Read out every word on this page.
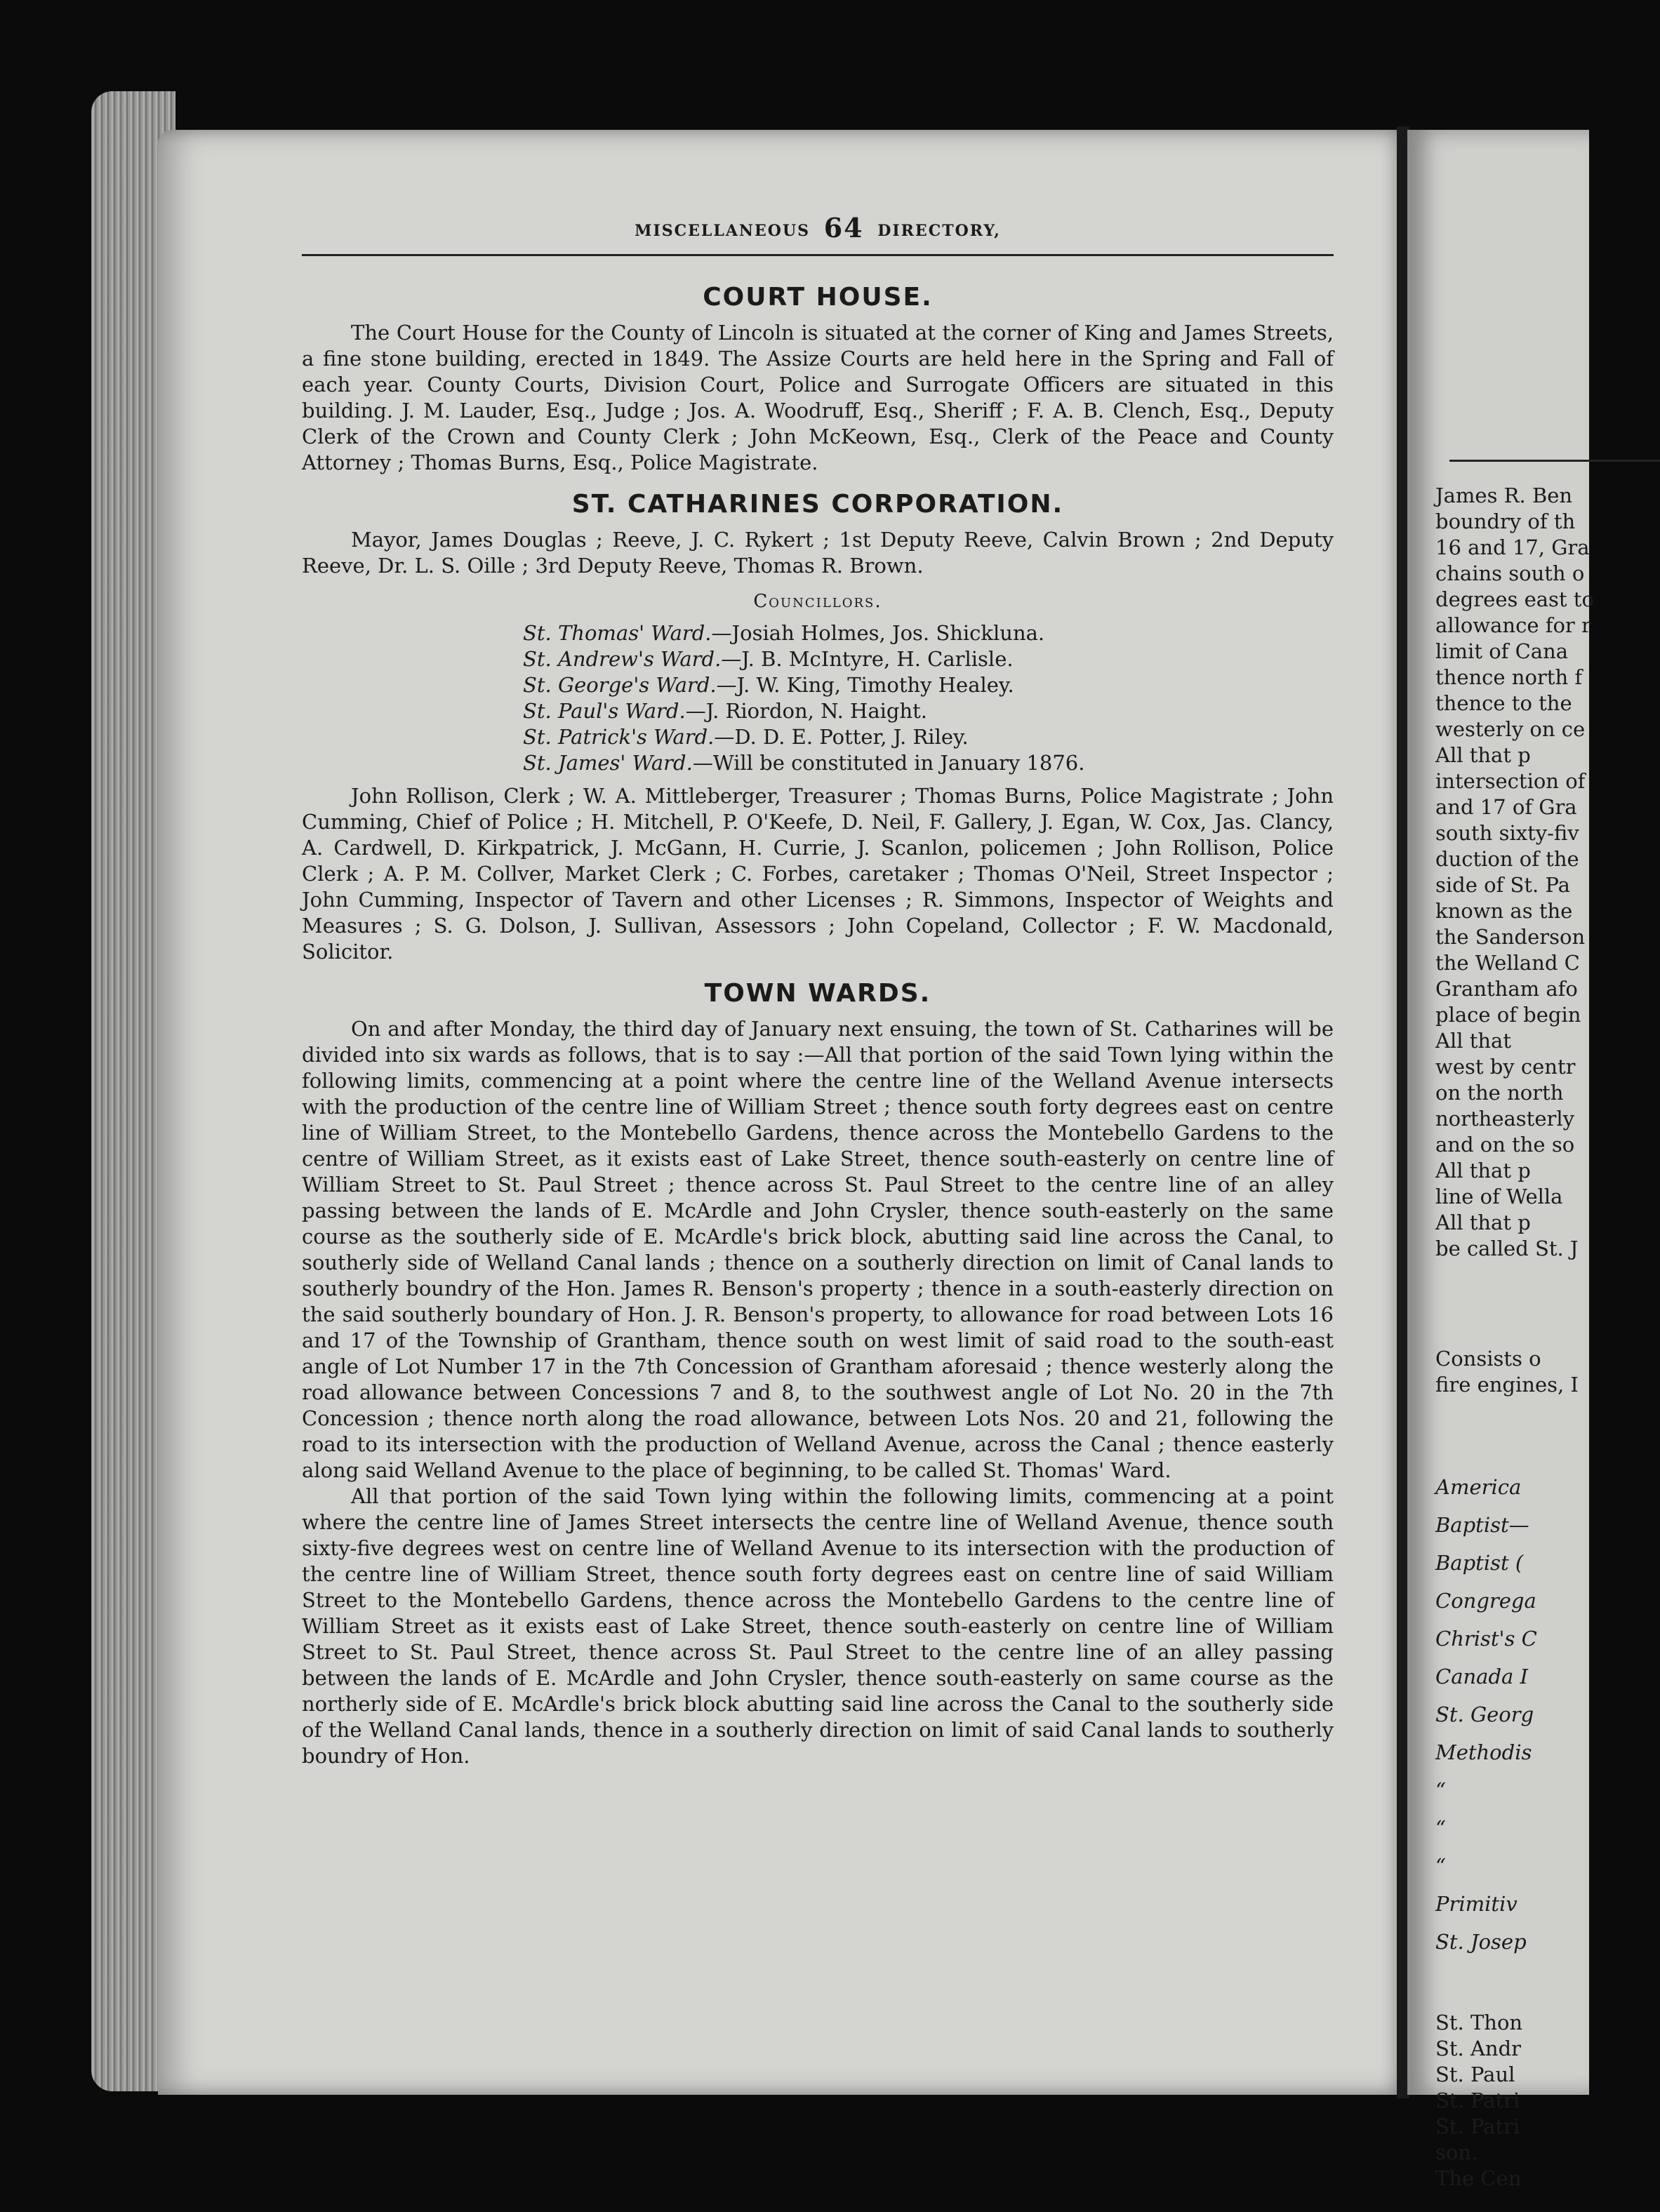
MISCELLANEOUS 64 DIRECTORY,
COURT HOUSE.

The Court House for the County of Lincoln is situated at the corner of King and James Streets, a fine stone building, erected in 1849. The Assize Courts are held here in the Spring and Fall of each year. County Courts, Division Court, Police and Surrogate Officers are situated in this building. J. M. Lauder, Esq., Judge ; Jos. A. Woodruff, Esq., Sheriff ; F. A. B. Clench, Esq., Deputy Clerk of the Crown and County Clerk ; John McKeown, Esq., Clerk of the Peace and County Attorney ; Thomas Burns, Esq., Police Magistrate.

ST. CATHARINES CORPORATION.

Mayor, James Douglas ; Reeve, J. C. Rykert ; 1st Deputy Reeve, Calvin Brown ; 2nd Deputy Reeve, Dr. L. S. Oille ; 3rd Deputy Reeve, Thomas R. Brown.

Councillors.
St. Thomas' Ward.—Josiah Holmes, Jos. Shickluna.
St. Andrew's Ward.—J. B. McIntyre, H. Carlisle.
St. George's Ward.—J. W. King, Timothy Healey.
St. Paul's Ward.—J. Riordon, N. Haight.
St. Patrick's Ward.—D. D. E. Potter, J. Riley.
St. James' Ward.—Will be constituted in January 1876.

John Rollison, Clerk ; W. A. Mittleberger, Treasurer ; Thomas Burns, Police Magistrate ; John Cumming, Chief of Police ; H. Mitchell, P. O'Keefe, D. Neil, F. Gallery, J. Egan, W. Cox, Jas. Clancy, A. Cardwell, D. Kirkpatrick, J. McGann, H. Currie, J. Scanlon, policemen ; John Rollison, Police Clerk ; A. P. M. Collver, Market Clerk ; C. Forbes, caretaker ; Thomas O'Neil, Street Inspector ; John Cumming, Inspector of Tavern and other Licenses ; R. Simmons, Inspector of Weights and Measures ; S. G. Dolson, J. Sullivan, Assessors ; John Copeland, Collector ; F. W. Macdonald, Solicitor.

TOWN WARDS.

On and after Monday, the third day of January next ensuing, the town of St. Catharines will be divided into six wards as follows, that is to say :—All that portion of the said Town lying within the following limits, commencing at a point where the centre line of the Welland Avenue intersects with the production of the centre line of William Street ; thence south forty degrees east on centre line of William Street, to the Montebello Gardens, thence across the Montebello Gardens to the centre of William Street, as it exists east of Lake Street, thence south-easterly on centre line of William Street to St. Paul Street ; thence across St. Paul Street to the centre line of an alley passing between the lands of E. McArdle and John Crysler, thence south-easterly on the same course as the southerly side of E. McArdle's brick block, abutting said line across the Canal, to southerly side of Welland Canal lands ; thence on a southerly direction on limit of Canal lands to southerly boundry of the Hon. James R. Benson's property ; thence in a south-easterly direction on the said southerly boundary of Hon. J. R. Benson's property, to allowance for road between Lots 16 and 17 of the Township of Grantham, thence south on west limit of said road to the south-east angle of Lot Number 17 in the 7th Concession of Grantham aforesaid ; thence westerly along the road allowance between Concessions 7 and 8, to the southwest angle of Lot No. 20 in the 7th Concession ; thence north along the road allowance, between Lots Nos. 20 and 21, following the road to its intersection with the production of Welland Avenue, across the Canal ; thence easterly along said Welland Avenue to the place of beginning, to be called St. Thomas' Ward.

All that portion of the said Town lying within the following limits, commencing at a point where the centre line of James Street intersects the centre line of Welland Avenue, thence south sixty-five degrees west on centre line of Welland Avenue to its intersection with the production of the centre line of William Street, thence south forty degrees east on centre line of said William Street to the Montebello Gardens, thence across the Montebello Gardens to the centre line of William Street as it exists east of Lake Street, thence south-easterly on centre line of William Street to St. Paul Street, thence across St. Paul Street to the centre line of an alley passing between the lands of E. McArdle and John Crysler, thence south-easterly on same course as the northerly side of E. McArdle's brick block abutting said line across the Canal to the southerly side of the Welland Canal lands, thence in a southerly direction on limit of said Canal lands to southerly boundry of Hon.

James R. Ben
boundry of th
16 and 17, Gra
chains south o
degrees east to
allowance for r
limit of Cana
thence north f
thence to the
westerly on ce
All that p
intersection of
and 17 of Gra
south sixty-fiv
duction of the
side of St. Pa
known as the
the Sanderson
the Welland C
Grantham afo
place of begin
All that
west by centr
on the north
northeasterly
and on the so
All that p
line of Wella
All that p
be called St. J
Consists o
fire engines, I
America
Baptist—
Baptist (
Congrega
Christ's C
Canada I
St. Georg
Methodis
“
“
“
Primitiv
St. Josep
St. Thon
St. Andr
St. Paul
St. Patri
St. Patri
son.
The Cen
